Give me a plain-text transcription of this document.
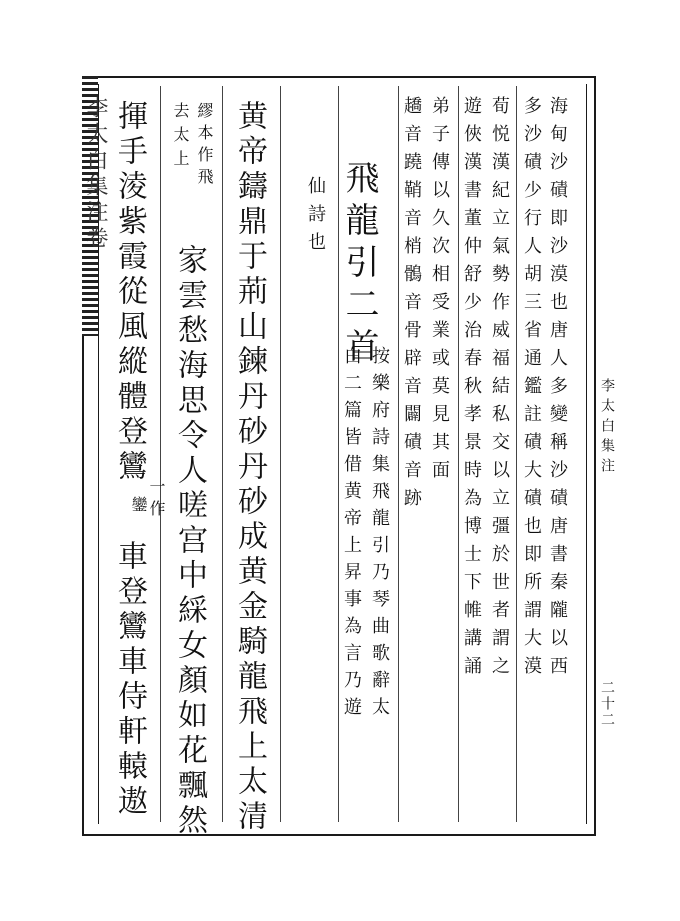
李太白集注卷
李太白集注
二十二
海甸沙磧即沙漠也唐人多變稱沙磧唐書秦隴以西
多沙磧少行人胡三省通鑑註磧大磧也即所謂大漠
荀悦漢紀立氣勢作威福結私交以立彊於世者謂之
遊俠漢書董仲舒少治春秋孝景時為博士下帷講誦
弟子傳以久次相受業或莫見其面
趫音蹺鞘音梢鶻音骨辟音闢磧音跡
飛龍引二首
按樂府詩集飛龍引乃琴曲歌辭太
白二篇皆借黄帝上昇事為言乃遊
仙詩也
黄帝鑄鼎于荊山鍊丹砂丹砂成黄金騎龍飛上太清
繆本作飛
去太上
家雲愁海思令人嗟宫中綵女顏如花飄然
揮手淩紫霞從風縱體登鸞
一作
鑾
車登鸞車侍軒轅遨
